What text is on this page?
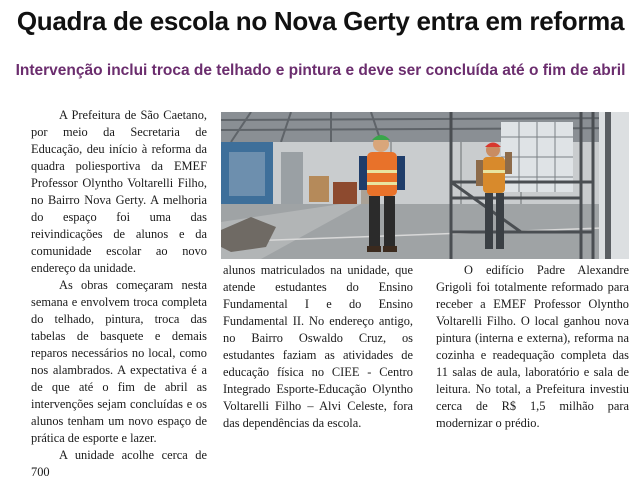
Quadra de escola no Nova Gerty entra em reforma
Intervenção inclui troca de telhado e pintura e deve ser concluída até o fim de abril

A Prefeitura de São Caetano, por meio da Secretaria de Educação, deu início à reforma da quadra poliesportiva da EMEF Professor Olyntho Voltarelli Filho, no Bairro Nova Gerty. A melhoria do espaço foi uma das reivindicações de alunos e da comunidade escolar ao novo endereço da unidade.

As obras começaram nesta semana e envolvem troca completa do telhado, pintura, troca das tabelas de basquete e demais reparos necessários no local, como nos alambrados. A expectativa é a de que até o fim de abril as intervenções sejam concluídas e os alunos tenham um novo espaço de prática de esporte e lazer.

A unidade acolhe cerca de 700

alunos matriculados na unidade, que atende estudantes do Ensino Fundamental I e do Ensino Fundamental II. No endereço antigo, no Bairro Oswaldo Cruz, os estudantes faziam as atividades de educação física no CIEE - Centro Integrado Esporte-Educação Olyntho Voltarelli Filho – Alvi Celeste, fora das dependências da escola.

O edifício Padre Alexandre Grigoli foi totalmente reformado para receber a EMEF Professor Olyntho Voltarelli Filho. O local ganhou nova pintura (interna e externa), reforma na cozinha e readequação completa das 11 salas de aula, laboratório e sala de leitura. No total, a Prefeitura investiu cerca de R$ 1,5 milhão para modernizar o prédio.
